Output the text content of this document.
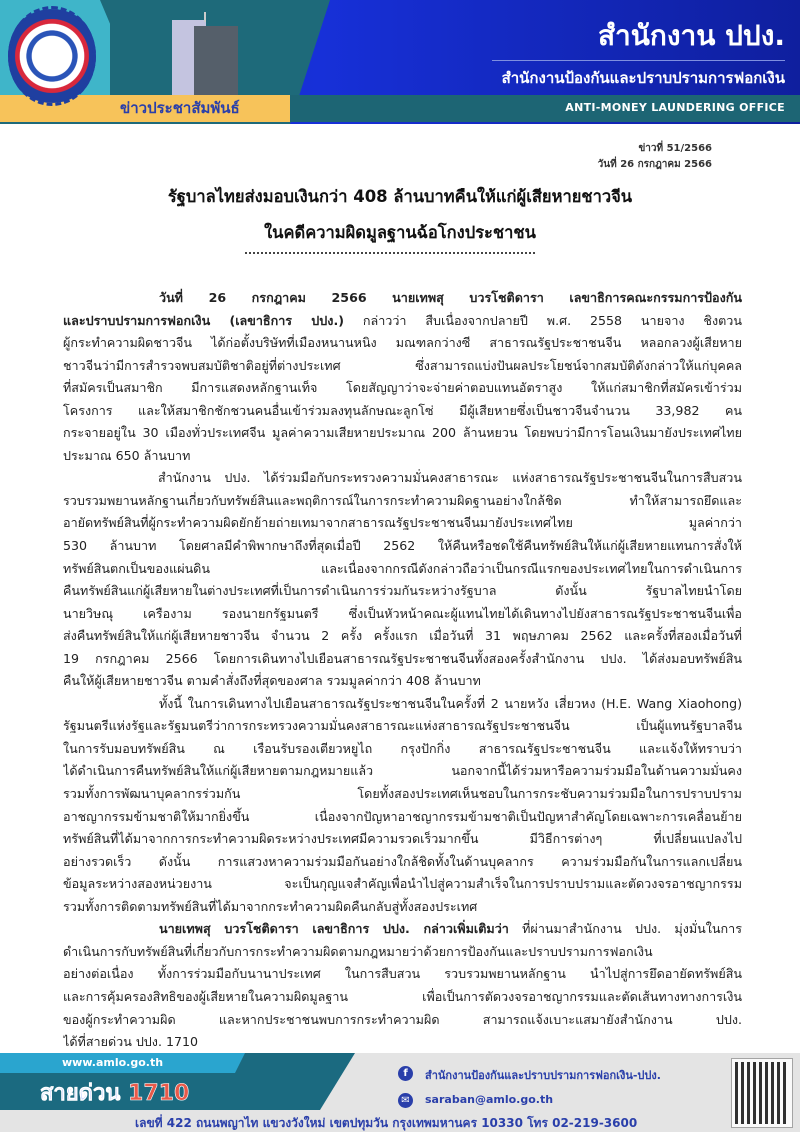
ข่าวประชาสัมพันธ์
สำนักงาน ปปง.
สำนักงานป้องกันและปราบปรามการฟอกเงิน
ANTI-MONEY LAUNDERING OFFICE
ข่าวที่ 51/2566
วันที่ 26 กรกฎาคม 2566
รัฐบาลไทยส่งมอบเงินกว่า 408 ล้านบาทคืนให้แก่ผู้เสียหายชาวจีน
ในคดีความผิดมูลฐานฉ้อโกงประชาชน
วันที่ 26 กรกฎาคม 2566 นายเทพสุ บวรโชติดารา เลขาธิการคณะกรรมการป้องกัน
และปราบปรามการฟอกเงิน (เลขาธิการ ปปง.) กล่าวว่า สืบเนื่องจากปลายปี พ.ศ. 2558 นายจาง ชิงตวน
ผู้กระทำความผิดชาวจีน ได้ก่อตั้งบริษัทที่เมืองหนานหนิง มณฑลกว่างซี สาธารณรัฐประชาชนจีน หลอกลวงผู้เสียหาย
ชาวจีนว่ามีการสำรวจพบสมบัติชาติอยู่ที่ต่างประเทศ ซึ่งสามารถแบ่งปันผลประโยชน์จากสมบัติดังกล่าวให้แก่บุคคล
ที่สมัครเป็นสมาชิก มีการแสดงหลักฐานเท็จ โดยสัญญาว่าจะจ่ายค่าตอบแทนอัตราสูง ให้แก่สมาชิกที่สมัครเข้าร่วม
โครงการ และให้สมาชิกชักชวนคนอื่นเข้าร่วมลงทุนลักษณะลูกโซ่ มีผู้เสียหายซึ่งเป็นชาวจีนจำนวน 33,982 คน
กระจายอยู่ใน 30 เมืองทั่วประเทศจีน มูลค่าความเสียหายประมาณ 200 ล้านหยวน โดยพบว่ามีการโอนเงินมายังประเทศไทย
ประมาณ 650 ล้านบาท
สำนักงาน ปปง. ได้ร่วมมือกับกระทรวงความมั่นคงสาธารณะ แห่งสาธารณรัฐประชาชนจีนในการสืบสวน
รวบรวมพยานหลักฐานเกี่ยวกับทรัพย์สินและพฤติการณ์ในการกระทำความผิดฐานอย่างใกล้ชิด ทำให้สามารถยึดและ
อายัดทรัพย์สินที่ผู้กระทำความผิดยักย้ายถ่ายเทมาจากสาธารณรัฐประชาชนจีนมายังประเทศไทย มูลค่ากว่า
530 ล้านบาท โดยศาลมีคำพิพากษาถึงที่สุดเมื่อปี 2562 ให้คืนหรือชดใช้คืนทรัพย์สินให้แก่ผู้เสียหายแทนการสั่งให้
ทรัพย์สินตกเป็นของแผ่นดิน และเนื่องจากกรณีดังกล่าวถือว่าเป็นกรณีแรกของประเทศไทยในการดำเนินการ
คืนทรัพย์สินแก่ผู้เสียหายในต่างประเทศที่เป็นการดำเนินการร่วมกันระหว่างรัฐบาล ดังนั้น รัฐบาลไทยนำโดย
นายวิษณุ เครืองาม รองนายกรัฐมนตรี ซึ่งเป็นหัวหน้าคณะผู้แทนไทยได้เดินทางไปยังสาธารณรัฐประชาชนจีนเพื่อ
ส่งคืนทรัพย์สินให้แก่ผู้เสียหายชาวจีน จำนวน 2 ครั้ง ครั้งแรก เมื่อวันที่ 31 พฤษภาคม 2562 และครั้งที่สองเมื่อวันที่
19 กรกฎาคม 2566 โดยการเดินทางไปเยือนสาธารณรัฐประชาชนจีนทั้งสองครั้งสำนักงาน ปปง. ได้ส่งมอบทรัพย์สิน
คืนให้ผู้เสียหายชาวจีน ตามคำสั่งถึงที่สุดของศาล รวมมูลค่ากว่า 408 ล้านบาท
ทั้งนี้ ในการเดินทางไปเยือนสาธารณรัฐประชาชนจีนในครั้งที่ 2 นายหวัง เสี่ยวหง (H.E. Wang Xiaohong)
รัฐมนตรีแห่งรัฐและรัฐมนตรีว่าการกระทรวงความมั่นคงสาธารณะแห่งสาธารณรัฐประชาชนจีน เป็นผู้แทนรัฐบาลจีน
ในการรับมอบทรัพย์สิน ณ เรือนรับรองเตียวหยูไถ กรุงปักกิ่ง สาธารณรัฐประชาชนจีน และแจ้งให้ทราบว่า
ได้ดำเนินการคืนทรัพย์สินให้แก่ผู้เสียหายตามกฎหมายแล้ว นอกจากนี้ได้ร่วมหารือความร่วมมือในด้านความมั่นคง
รวมทั้งการพัฒนาบุคลากรร่วมกัน โดยทั้งสองประเทศเห็นชอบในการกระชับความร่วมมือในการปราบปราม
อาชญากรรมข้ามชาติให้มากยิ่งขึ้น เนื่องจากปัญหาอาชญากรรมข้ามชาติเป็นปัญหาสำคัญโดยเฉพาะการเคลื่อนย้าย
ทรัพย์สินที่ได้มาจากการกระทำความผิดระหว่างประเทศมีความรวดเร็วมากขึ้น มีวิธีการต่างๆ ที่เปลี่ยนแปลงไป
อย่างรวดเร็ว ดังนั้น การแสวงหาความร่วมมือกันอย่างใกล้ชิดทั้งในด้านบุคลากร ความร่วมมือกันในการแลกเปลี่ยน
ข้อมูลระหว่างสองหน่วยงาน จะเป็นกุญแจสำคัญเพื่อนำไปสู่ความสำเร็จในการปราบปรามและตัดวงจรอาชญากรรม
รวมทั้งการติดตามทรัพย์สินที่ได้มาจากกระทำความผิดคืนกลับสู่ทั้งสองประเทศ
นายเทพสุ บวรโชติดารา เลขาธิการ ปปง. กล่าวเพิ่มเติมว่า ที่ผ่านมาสำนักงาน ปปง. มุ่งมั่นในการ
ดำเนินการกับทรัพย์สินที่เกี่ยวกับการกระทำความผิดตามกฎหมายว่าด้วยการป้องกันและปราบปรามการฟอกเงิน
อย่างต่อเนื่อง ทั้งการร่วมมือกับนานาประเทศ ในการสืบสวน รวบรวมพยานหลักฐาน นำไปสู่การยึดอายัดทรัพย์สิน
และการคุ้มครองสิทธิของผู้เสียหายในความผิดมูลฐาน เพื่อเป็นการตัดวงจรอาชญากรรมและตัดเส้นทางทางการเงิน
ของผู้กระทำความผิด และหากประชาชนพบการกระทำความผิด สามารถแจ้งเบาะแสมายังสำนักงาน ปปง.
ได้ที่สายด่วน ปปง. 1710
www.amlo.go.th
สายด่วน 1710
f	สำนักงานป้องกันและปราบปรามการฟอกเงิน-ปปง.
✉	saraban@amlo.go.th
เลขที่ 422 ถนนพญาไท แขวงวังใหม่ เขตปทุมวัน กรุงเทพมหานคร 10330 โทร 02-219-3600
